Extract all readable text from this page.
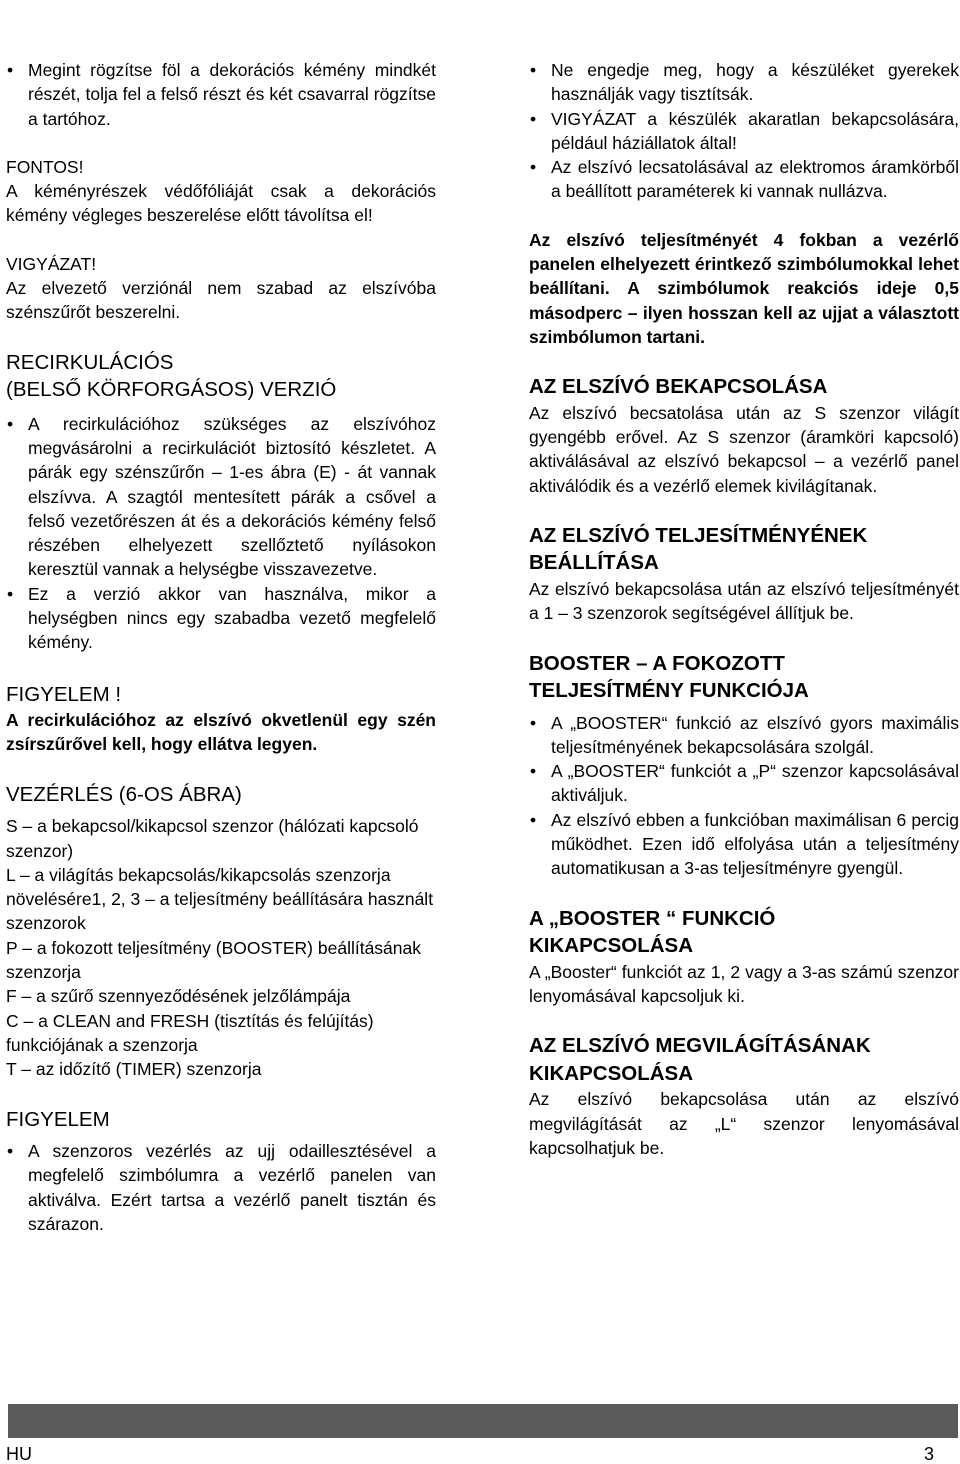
• Megint rögzítse föl a dekorációs kémény mindkét részét, tolja fel a felső részt és két csavarral rögzítse a tartóhoz.

FONTOS!

A kéményrészek védőfóliáját csak a dekorációs kémény végleges beszerelése előtt távolítsa el!

VIGYÁZAT!

Az elvezető verziónál nem szabad az elszívóba szénszűrőt beszerelni.

RECIRKULÁCIÓS

(BELSŐ KÖRFORGÁSOS) VERZIÓ

• A recirkulációhoz szükséges az elszívóhoz megvásárolni a recirkulációt biztosító készletet. A párák egy szénszűrőn – 1-es ábra (E) - át vannak elszívva. A szagtól mentesített párák a csővel a felső vezetőrészen át és a dekorációs kémény felső részében elhelyezett szellőztető nyílásokon keresztül vannak a helységbe visszavezetve.
• Ez a verzió akkor van használva, mikor a helységben nincs egy szabadba vezető megfelelő kémény.

FIGYELEM !

A recirkulációhoz az elszívó okvetlenül egy szén zsírszűrővel kell, hogy ellátva legyen.

VEZÉRLÉS (6-OS ÁBRA)

S – a bekapcsol/kikapcsol szenzor (hálózati kapcsoló szenzor)

L – a világítás bekapcsolás/kikapcsolás szenzorja

növelésére1, 2, 3 – a teljesítmény beállítására használt szenzorok

P – a fokozott teljesítmény (BOOSTER) beállításának szenzorja

F – a szűrő szennyeződésének jelzőlámpája

C – a CLEAN and FRESH (tisztítás és felújítás) funkciójának a szenzorja

T – az időzítő (TIMER) szenzorja

FIGYELEM

• A szenzoros vezérlés az ujj odaillesztésével a megfelelő szimbólumra a vezérlő panelen van aktiválva. Ezért tartsa a vezérlő panelt tisztán és szárazon.
• Ne engedje meg, hogy a készüléket gyerekek használják vagy tisztítsák.
• VIGYÁZAT a készülék akaratlan bekapcsolására, például háziállatok által!
• Az elszívó lecsatolásával az elektromos áramkörből a beállított paraméterek ki vannak nullázva.

Az elszívó teljesítményét 4 fokban a vezérlő panelen elhelyezett érintkező szimbólumokkal lehet beállítani. A szimbólumok reakciós ideje 0,5 másodperc – ilyen hosszan kell az ujjat a választott szimbólumon tartani.

AZ ELSZÍVÓ BEKAPCSOLÁSA

Az elszívó becsatolása után az S szenzor világít gyengébb erővel. Az S szenzor (áramköri kapcsoló) aktiválásával az elszívó bekapcsol – a vezérlő panel aktiválódik és a vezérlő elemek kivilágítanak.

AZ ELSZÍVÓ TELJESÍTMÉNYÉNEK

BEÁLLÍTÁSA

Az elszívó bekapcsolása után az elszívó teljesítményét a 1 – 3 szenzorok segítségével állítjuk be.

BOOSTER – A FOKOZOTT

TELJESÍTMÉNY FUNKCIÓJA

• A „BOOSTER“ funkció az elszívó gyors maximális teljesítményének bekapcsolására szolgál.
• A „BOOSTER“ funkciót a „P“ szenzor kapcsolásával aktiváljuk.
• Az elszívó ebben a funkcióban maximálisan 6 percig működhet. Ezen idő elfolyása után a teljesítmény automatikusan a 3-as teljesítményre gyengül.

A „BOOSTER “ FUNKCIÓ

KIKAPCSOLÁSA

A „Booster“ funkciót az 1, 2 vagy a 3-as számú szenzor lenyomásával kapcsoljuk ki.

AZ ELSZÍVÓ MEGVILÁGÍTÁSÁNAK

KIKAPCSOLÁSA

Az elszívó bekapcsolása után az elszívó megvilágítását az „L“ szenzor lenyomásával kapcsolhatjuk be.

HU	3
